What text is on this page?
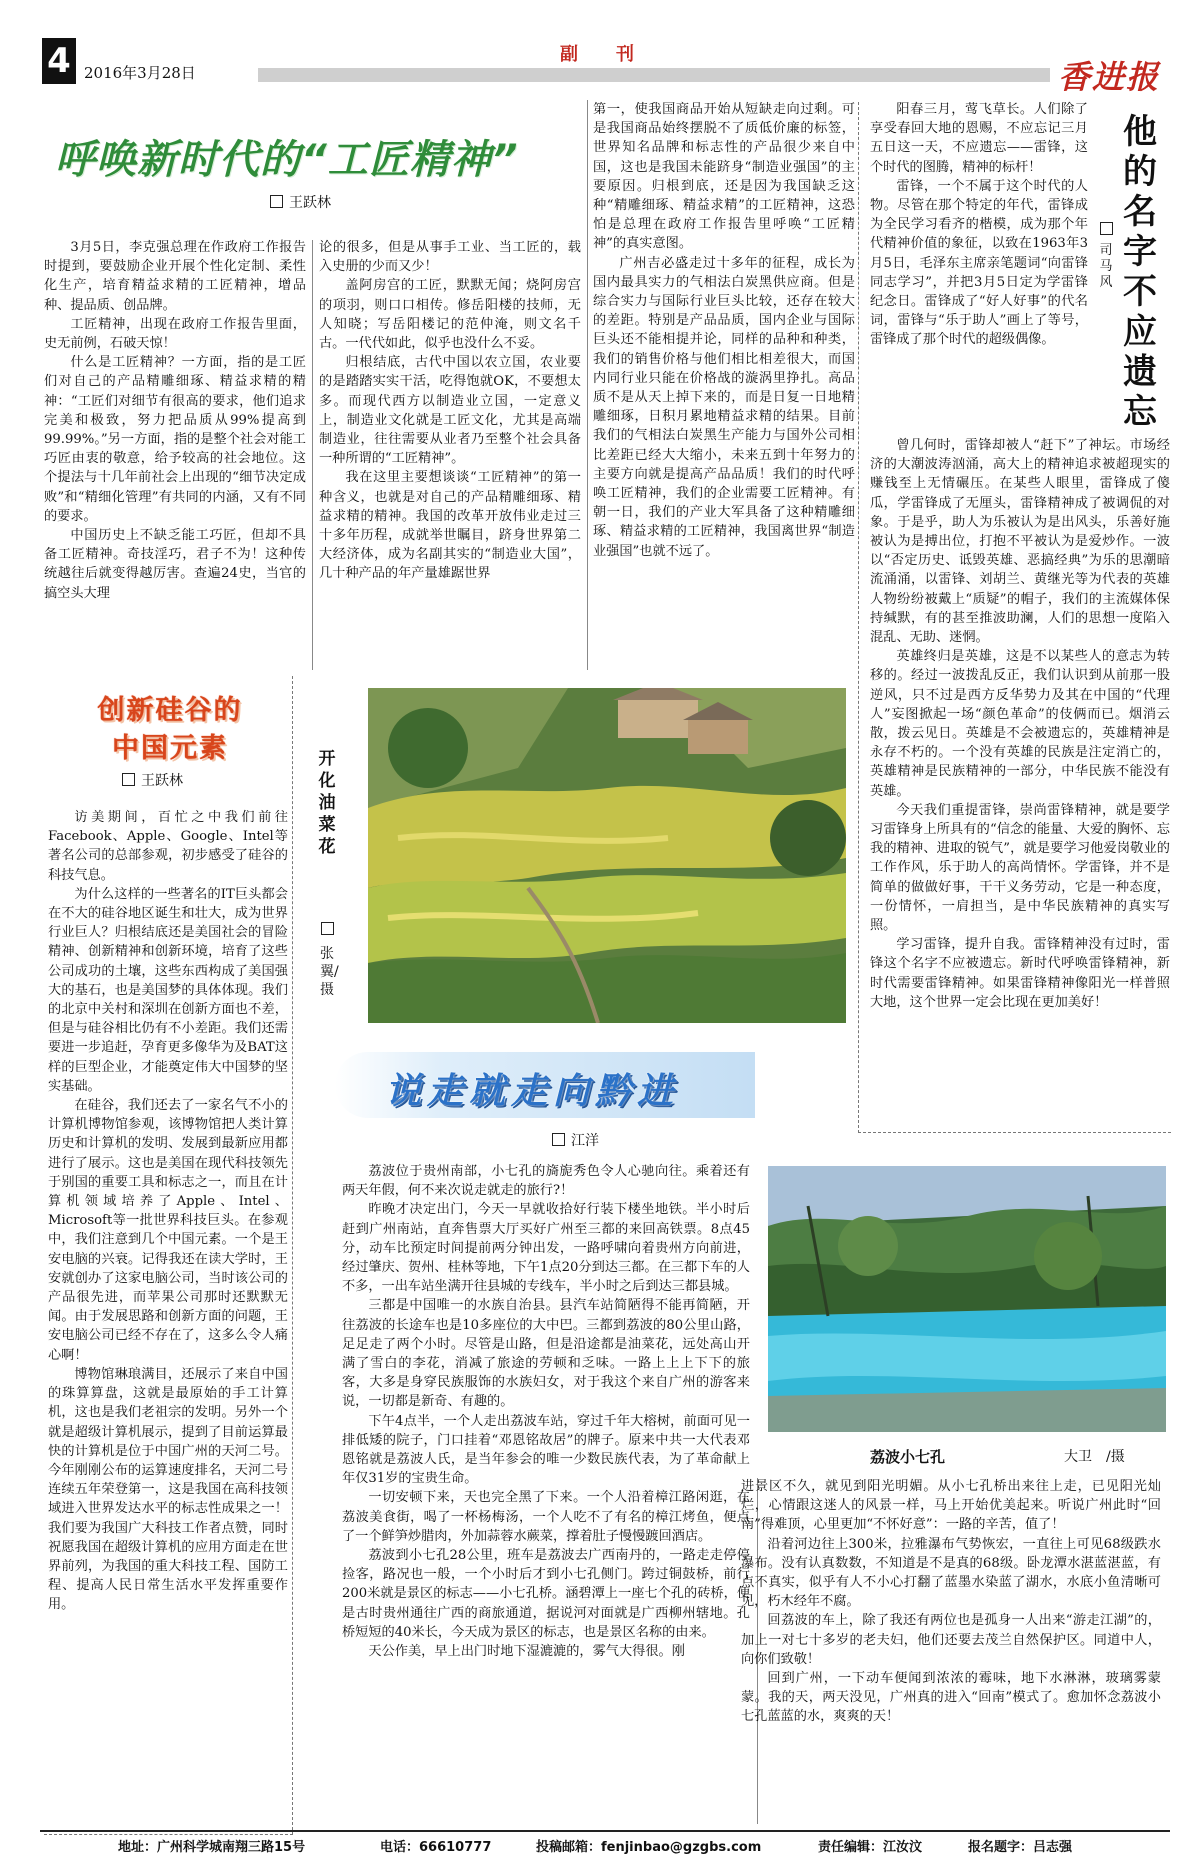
4 2016年3月28日
副　刊
香进报
呼唤新时代的“工匠精神”
王跃林

3月5日，李克强总理在作政府工作报告时提到，要鼓励企业开展个性化定制、柔性化生产，培育精益求精的工匠精神，增品种、提品质、创品牌。

工匠精神，出现在政府工作报告里面，史无前例，石破天惊！

什么是工匠精神？一方面，指的是工匠们对自己的产品精雕细琢、精益求精的精神：“工匠们对细节有很高的要求，他们追求完美和极致，努力把品质从99%提高到99.99%。”另一方面，指的是整个社会对能工巧匠由衷的敬意，给予较高的社会地位。这个提法与十几年前社会上出现的“细节决定成败”和“精细化管理”有共同的内涵，又有不同的要求。

中国历史上不缺乏能工巧匠，但却不具备工匠精神。奇技淫巧，君子不为！这种传统越往后就变得越厉害。查遍24史，当官的搞空头大理

论的很多，但是从事手工业、当工匠的，载入史册的少而又少！

盖阿房宫的工匠，默默无闻；烧阿房宫的项羽，则口口相传。修岳阳楼的技师，无人知晓；写岳阳楼记的范仲淹，则文名千古。一代代如此，似乎也没什么不妥。

归根结底，古代中国以农立国，农业要的是踏踏实实干活，吃得饱就OK，不要想太多。而现代西方以制造业立国，一定意义上，制造业文化就是工匠文化，尤其是高端制造业，往往需要从业者乃至整个社会具备一种所谓的“工匠精神”。

我在这里主要想谈谈“工匠精神”的第一种含义，也就是对自己的产品精雕细琢、精益求精的精神。我国的改革开放伟业走过三十多年历程，成就举世瞩目，跻身世界第二大经济体，成为名副其实的“制造业大国”，几十种产品的年产量雄踞世界

第一，使我国商品开始从短缺走向过剩。可是我国商品始终摆脱不了质低价廉的标签，世界知名品牌和标志性的产品很少来自中国，这也是我国未能跻身“制造业强国”的主要原因。归根到底，还是因为我国缺乏这种“精雕细琢、精益求精”的工匠精神，这恐怕是总理在政府工作报告里呼唤“工匠精神”的真实意图。

广州吉必盛走过十多年的征程，成长为国内最具实力的气相法白炭黑供应商。但是综合实力与国际行业巨头比较，还存在较大的差距。特别是产品品质，国内企业与国际巨头还不能相提并论，同样的品种和种类，我们的销售价格与他们相比相差很大，而国内同行业只能在价格战的漩涡里挣扎。高品质不是从天上掉下来的，而是日复一日地精雕细琢，日积月累地精益求精的结果。目前我们的气相法白炭黑生产能力与国外公司相比差距已经大大缩小，未来五到十年努力的主要方向就是提高产品品质！我们的时代呼唤工匠精神，我们的企业需要工匠精神。有朝一日，我们的产业大军具备了这种精雕细琢、精益求精的工匠精神，我国离世界“制造业强国”也就不远了。

他的名字　不应遗忘
司马风

阳春三月，莺飞草长。人们除了享受春回大地的恩赐，不应忘记三月五日这一天，不应遗忘——雷锋，这个时代的图腾，精神的标杆！

雷锋，一个不属于这个时代的人物。尽管在那个特定的年代，雷锋成为全民学习看齐的楷模，成为那个年代精神价值的象征，以致在1963年3月5日，毛泽东主席亲笔题词“向雷锋同志学习”，并把3月5日定为学雷锋纪念日。雷锋成了“好人好事”的代名词，雷锋与“乐于助人”画上了等号，雷锋成了那个时代的超级偶像。

曾几何时，雷锋却被人“赶下”了神坛。市场经济的大潮波涛汹涌，高大上的精神追求被超现实的赚钱至上无情碾压。在某些人眼里，雷锋成了傻瓜，学雷锋成了无厘头，雷锋精神成了被调侃的对象。于是乎，助人为乐被认为是出风头，乐善好施被认为是搏出位，打抱不平被认为是爱炒作。一波以“否定历史、诋毁英雄、恶搞经典”为乐的思潮暗流涌涌，以雷锋、刘胡兰、黄继光等为代表的英雄人物纷纷被戴上“质疑”的帽子，我们的主流媒体保持缄默，有的甚至推波助澜，人们的思想一度陷入混乱、无助、迷惘。

英雄终归是英雄，这是不以某些人的意志为转移的。经过一波拨乱反正，我们认识到从前那一股逆风，只不过是西方反华势力及其在中国的“代理人”妄图掀起一场“颜色革命”的伎俩而已。烟消云散，拨云见日。英雄是不会被遗忘的，英雄精神是永存不朽的。一个没有英雄的民族是注定消亡的，英雄精神是民族精神的一部分，中华民族不能没有英雄。

今天我们重提雷锋，崇尚雷锋精神，就是要学习雷锋身上所具有的“信念的能量、大爱的胸怀、忘我的精神、进取的锐气”，就是要学习他爱岗敬业的工作作风，乐于助人的高尚情怀。学雷锋，并不是简单的做做好事，干干义务劳动，它是一种态度，一份情怀，一肩担当，是中华民族精神的真实写照。

学习雷锋，提升自我。雷锋精神没有过时，雷锋这个名字不应被遗忘。新时代呼唤雷锋精神，新时代需要雷锋精神。如果雷锋精神像阳光一样普照大地，这个世界一定会比现在更加美好！

创新硅谷的
中国元素
王跃林

访美期间，百忙之中我们前往Facebook、Apple、Google、Intel等著名公司的总部参观，初步感受了硅谷的科技气息。

为什么这样的一些著名的IT巨头都会在不大的硅谷地区诞生和壮大，成为世界行业巨人？归根结底还是美国社会的冒险精神、创新精神和创新环境，培育了这些公司成功的土壤，这些东西构成了美国强大的基石，也是美国梦的具体体现。我们的北京中关村和深圳在创新方面也不差，但是与硅谷相比仍有不小差距。我们还需要进一步追赶，孕育更多像华为及BAT这样的巨型企业，才能奠定伟大中国梦的坚实基础。

在硅谷，我们还去了一家名气不小的计算机博物馆参观，该博物馆把人类计算历史和计算机的发明、发展到最新应用都进行了展示。这也是美国在现代科技领先于别国的重要工具和标志之一，而且在计算机领域培养了Apple、Intel、Microsoft等一批世界科技巨头。在参观中，我们注意到几个中国元素。一个是王安电脑的兴衰。记得我还在读大学时，王安就创办了这家电脑公司，当时该公司的产品很先进，而苹果公司那时还默默无闻。由于发展思路和创新方面的问题，王安电脑公司已经不存在了，这多么令人痛心啊！

博物馆琳琅满目，还展示了来自中国的珠算算盘，这就是最原始的手工计算机，这也是我们老祖宗的发明。另外一个就是超级计算机展示，提到了目前运算最快的计算机是位于中国广州的天河二号。今年刚刚公布的运算速度排名，天河二号连续五年荣登第一，这是我国在高科技领域进入世界发达水平的标志性成果之一！我们要为我国广大科技工作者点赞，同时祝愿我国在超级计算机的应用方面走在世界前列，为我国的重大科技工程、国防工程、提高人民日常生活水平发挥重要作用。

开化油菜花
张翼/摄
说走就走向黔进
江洋

荔波位于贵州南部，小七孔的旖旎秀色令人心驰向往。乘着还有两天年假，何不来次说走就走的旅行?！

昨晚才决定出门，今天一早就收拾好行装下楼坐地铁。半小时后赶到广州南站，直奔售票大厅买好广州至三都的来回高铁票。8点45分，动车比预定时间提前两分钟出发，一路呼啸向着贵州方向前进，经过肇庆、贺州、桂林等地，下午1点20分到达三都。在三都下车的人不多，一出车站坐满开往县城的专线车，半小时之后到达三都县城。

三都是中国唯一的水族自治县。县汽车站简陋得不能再简陋，开往荔波的长途车也是10多座位的大中巴。三都到荔波的80公里山路，足足走了两个小时。尽管是山路，但是沿途都是油菜花，远处高山开满了雪白的李花，消减了旅途的劳顿和乏味。一路上上上下下的旅客，大多是身穿民族服饰的水族妇女，对于我这个来自广州的游客来说，一切都是新奇、有趣的。

下午4点半，一个人走出荔波车站，穿过千年大榕树，前面可见一排低矮的院子，门口挂着“邓恩铭故居”的牌子。原来中共一大代表邓恩铭就是荔波人氏，是当年参会的唯一少数民族代表，为了革命献上年仅31岁的宝贵生命。

一切安顿下来，天也完全黑了下来。一个人沿着樟江路闲逛，在荔波美食街，喝了一杯杨梅汤，一个人吃不了有名的樟江烤鱼，便点了一个鲜笋炒腊肉，外加蒜蓉水蕨菜，撑着肚子慢慢踱回酒店。

荔波到小七孔28公里，班车是荔波去广西南丹的，一路走走停停捡客，路况也一般，一个小时后才到小七孔侧门。跨过铜鼓桥，前行200米就是景区的标志——小七孔桥。涵碧潭上一座七个孔的砖桥，便是古时贵州通往广西的商旅通道，据说河对面就是广西柳州辖地。孔桥短短的40米长，今天成为景区的标志，也是景区名称的由来。

天公作美，早上出门时地下湿漉漉的，雾气大得很。刚

荔波小七孔	大卫　/摄

进景区不久，就见到阳光明媚。从小七孔桥出来往上走，已见阳光灿烂，心情跟这迷人的风景一样，马上开始优美起来。听说广州此时“回南”得难顶，心里更加“不怀好意”：一路的辛苦，值了！

沿着河边往上300米，拉雅瀑布气势恢宏，一直往上可见68级跌水瀑布。没有认真数数，不知道是不是真的68级。卧龙潭水湛蓝湛蓝，有点不真实，似乎有人不小心打翻了蓝墨水染蓝了湖水，水底小鱼清晰可见，朽木经年不腐。

回荔波的车上，除了我还有两位也是孤身一人出来“游走江湖”的，加上一对七十多岁的老夫妇，他们还要去茂兰自然保护区。同道中人，向你们致敬！

回到广州，一下动车便闻到浓浓的霉味，地下水淋淋，玻璃雾蒙蒙。我的天，两天没见，广州真的进入“回南”模式了。愈加怀念荔波小七孔蓝蓝的水，爽爽的天！

地址：广州科学城南翔三路15号	电话：66610777	投稿邮箱：fenjinbao@gzgbs.com	责任编辑：江汝汶	报名题字：吕志强
